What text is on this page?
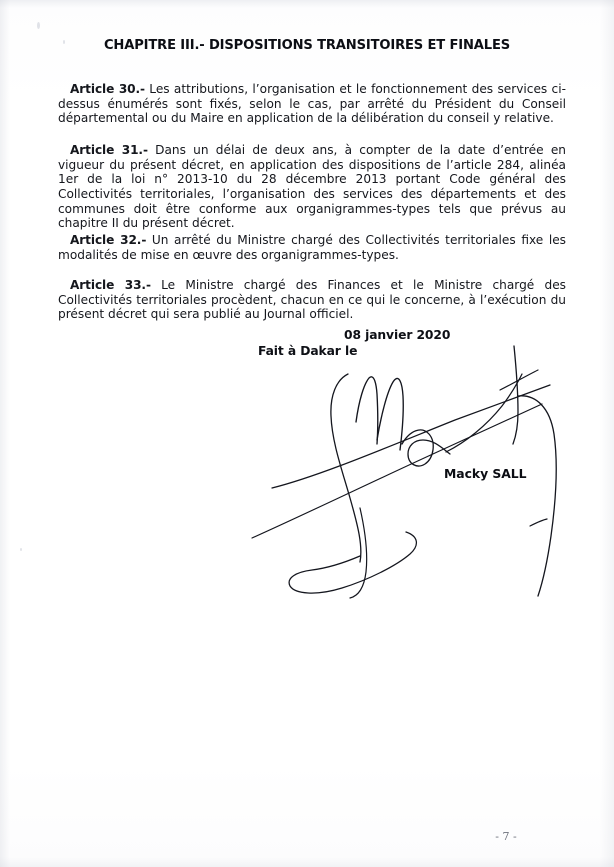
CHAPITRE III.- DISPOSITIONS TRANSITOIRES ET FINALES

Article 30.- Les attributions, l’organisation et le fonctionnement des services ci-dessus énumérés sont fixés, selon le cas, par arrêté du Président du Conseil départemental ou du Maire en application de la délibération du conseil y relative.

Article 31.- Dans un délai de deux ans, à compter de la date d’entrée en vigueur du présent décret, en application des dispositions de l’article 284, alinéa 1er de la loi n° 2013-10 du 28 décembre 2013 portant Code général des Collectivités territoriales, l’organisation des services des départements et des communes doit être conforme aux organigrammes-types tels que prévus au chapitre II du présent décret.

Article 32.- Un arrêté du Ministre chargé des Collectivités territoriales fixe les modalités de mise en œuvre des organigrammes-types.

Article 33.- Le Ministre chargé des Finances et le Ministre chargé des Collectivités territoriales procèdent, chacun en ce qui le concerne, à l’exécution du présent décret qui sera publié au Journal officiel.

08 janvier 2020
Fait à Dakar le
Macky SALL
- 7 -
